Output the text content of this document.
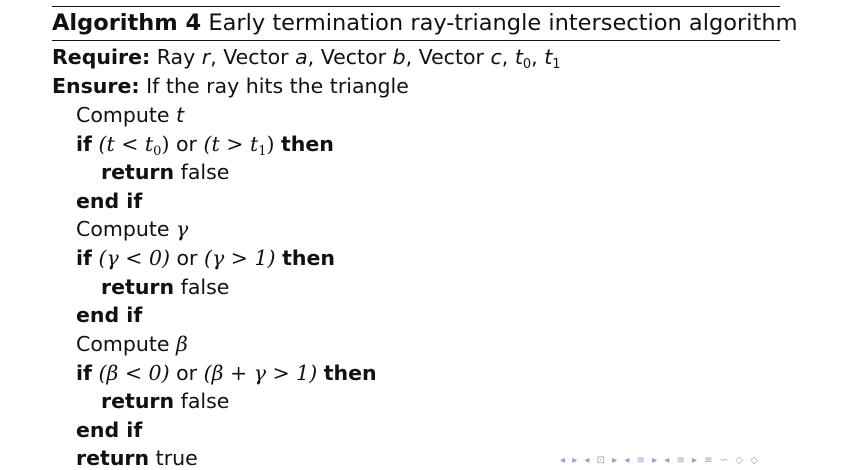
Algorithm 4 Early termination ray-triangle intersection algorithm
Require: Ray r, Vector a, Vector b, Vector c, t0, t1
Ensure: If the ray hits the triangle
Compute t
if (t < t0) or (t > t1) then
return false
end if
Compute γ
if (γ < 0) or (γ > 1) then
return false
end if
Compute β
if (β < 0) or (β + γ > 1) then
return false
end if
return true	◂ ▸ ◂ ⊡ ▸ ◂ ≡ ▸ ◂ ≡ ▸ ≡ ∽ ◇ ◇
